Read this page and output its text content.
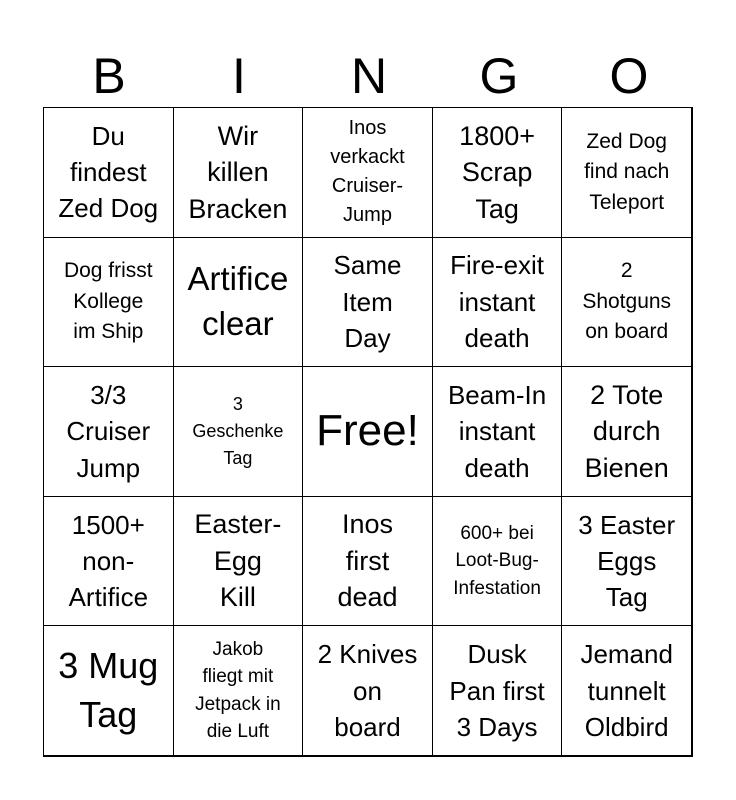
B	I	N	G	O
Du
findest
Zed Dog
Wir
killen
Bracken
Inos
verkackt
Cruiser-
Jump
1800+
Scrap
Tag
Zed Dog
find nach
Teleport
Dog frisst
Kollege
im Ship
Artifice
clear
Same
Item
Day
Fire-exit
instant
death
2
Shotguns
on board
3/3
Cruiser
Jump
3
Geschenke
Tag
Free!
Beam-In
instant
death
2 Tote
durch
Bienen
1500+
non-
Artifice
Easter-
Egg
Kill
Inos
first
dead
600+ bei
Loot-Bug-
Infestation
3 Easter
Eggs
Tag
3 Mug
Tag
Jakob
fliegt mit
Jetpack in
die Luft
2 Knives
on
board
Dusk
Pan first
3 Days
Jemand
tunnelt
Oldbird
